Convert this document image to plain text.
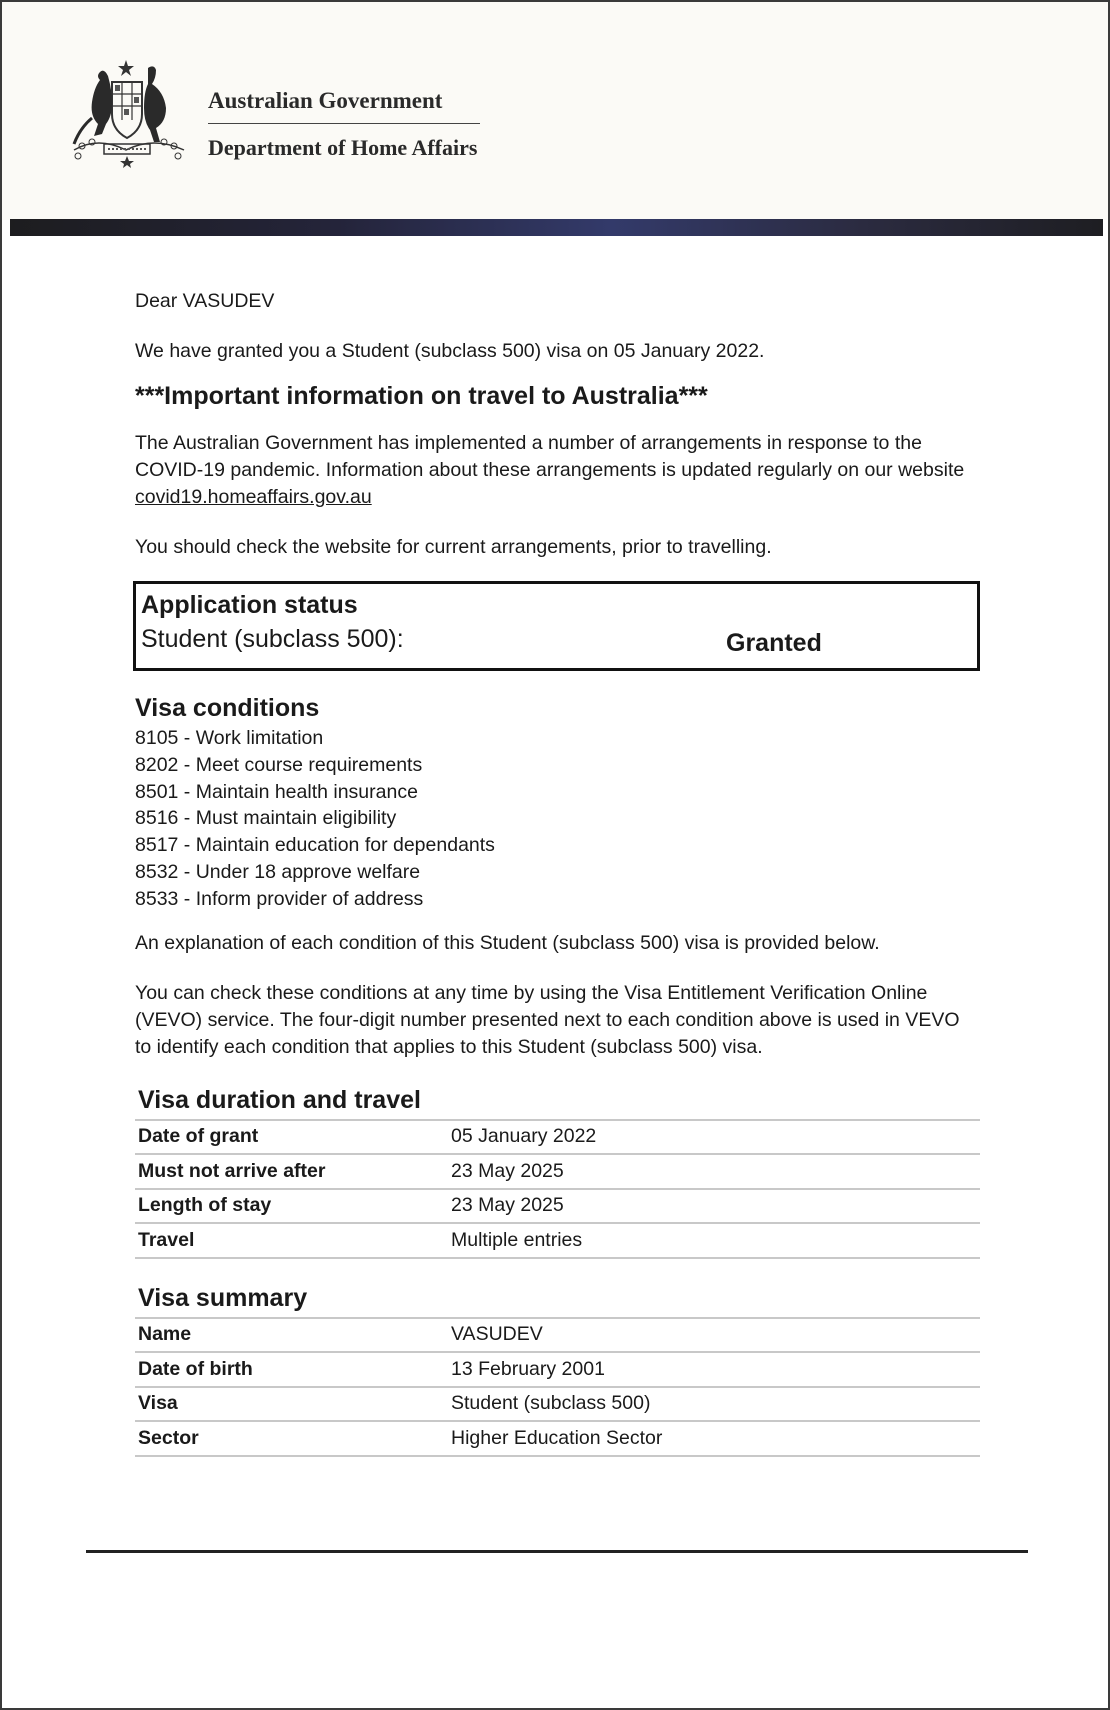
Australian Government
Department of Home Affairs

Dear VASUDEV

We have granted you a Student (subclass 500) visa on 05 January 2022.

***Important information on travel to Australia***

The Australian Government has implemented a number of arrangements in response to the COVID-19 pandemic. Information about these arrangements is updated regularly on our website covid19.homeaffairs.gov.au

You should check the website for current arrangements, prior to travelling.

Application status

Student (subclass 500):	Granted
Visa conditions
8105 - Work limitation
8202 - Meet course requirements
8501 - Maintain health insurance
8516 - Must maintain eligibility
8517 - Maintain education for dependants
8532 - Under 18 approve welfare
8533 - Inform provider of address

An explanation of each condition of this Student (subclass 500) visa is provided below.

You can check these conditions at any time by using the Visa Entitlement Verification Online (VEVO) service. The four-digit number presented next to each condition above is used in VEVO to identify each condition that applies to this Student (subclass 500) visa.

Visa duration and travel
Date of grant	05 January 2022
Must not arrive after	23 May 2025
Length of stay	23 May 2025
Travel	Multiple entries
Visa summary
Name	VASUDEV
Date of birth	13 February 2001
Visa	Student (subclass 500)
Sector	Higher Education Sector
